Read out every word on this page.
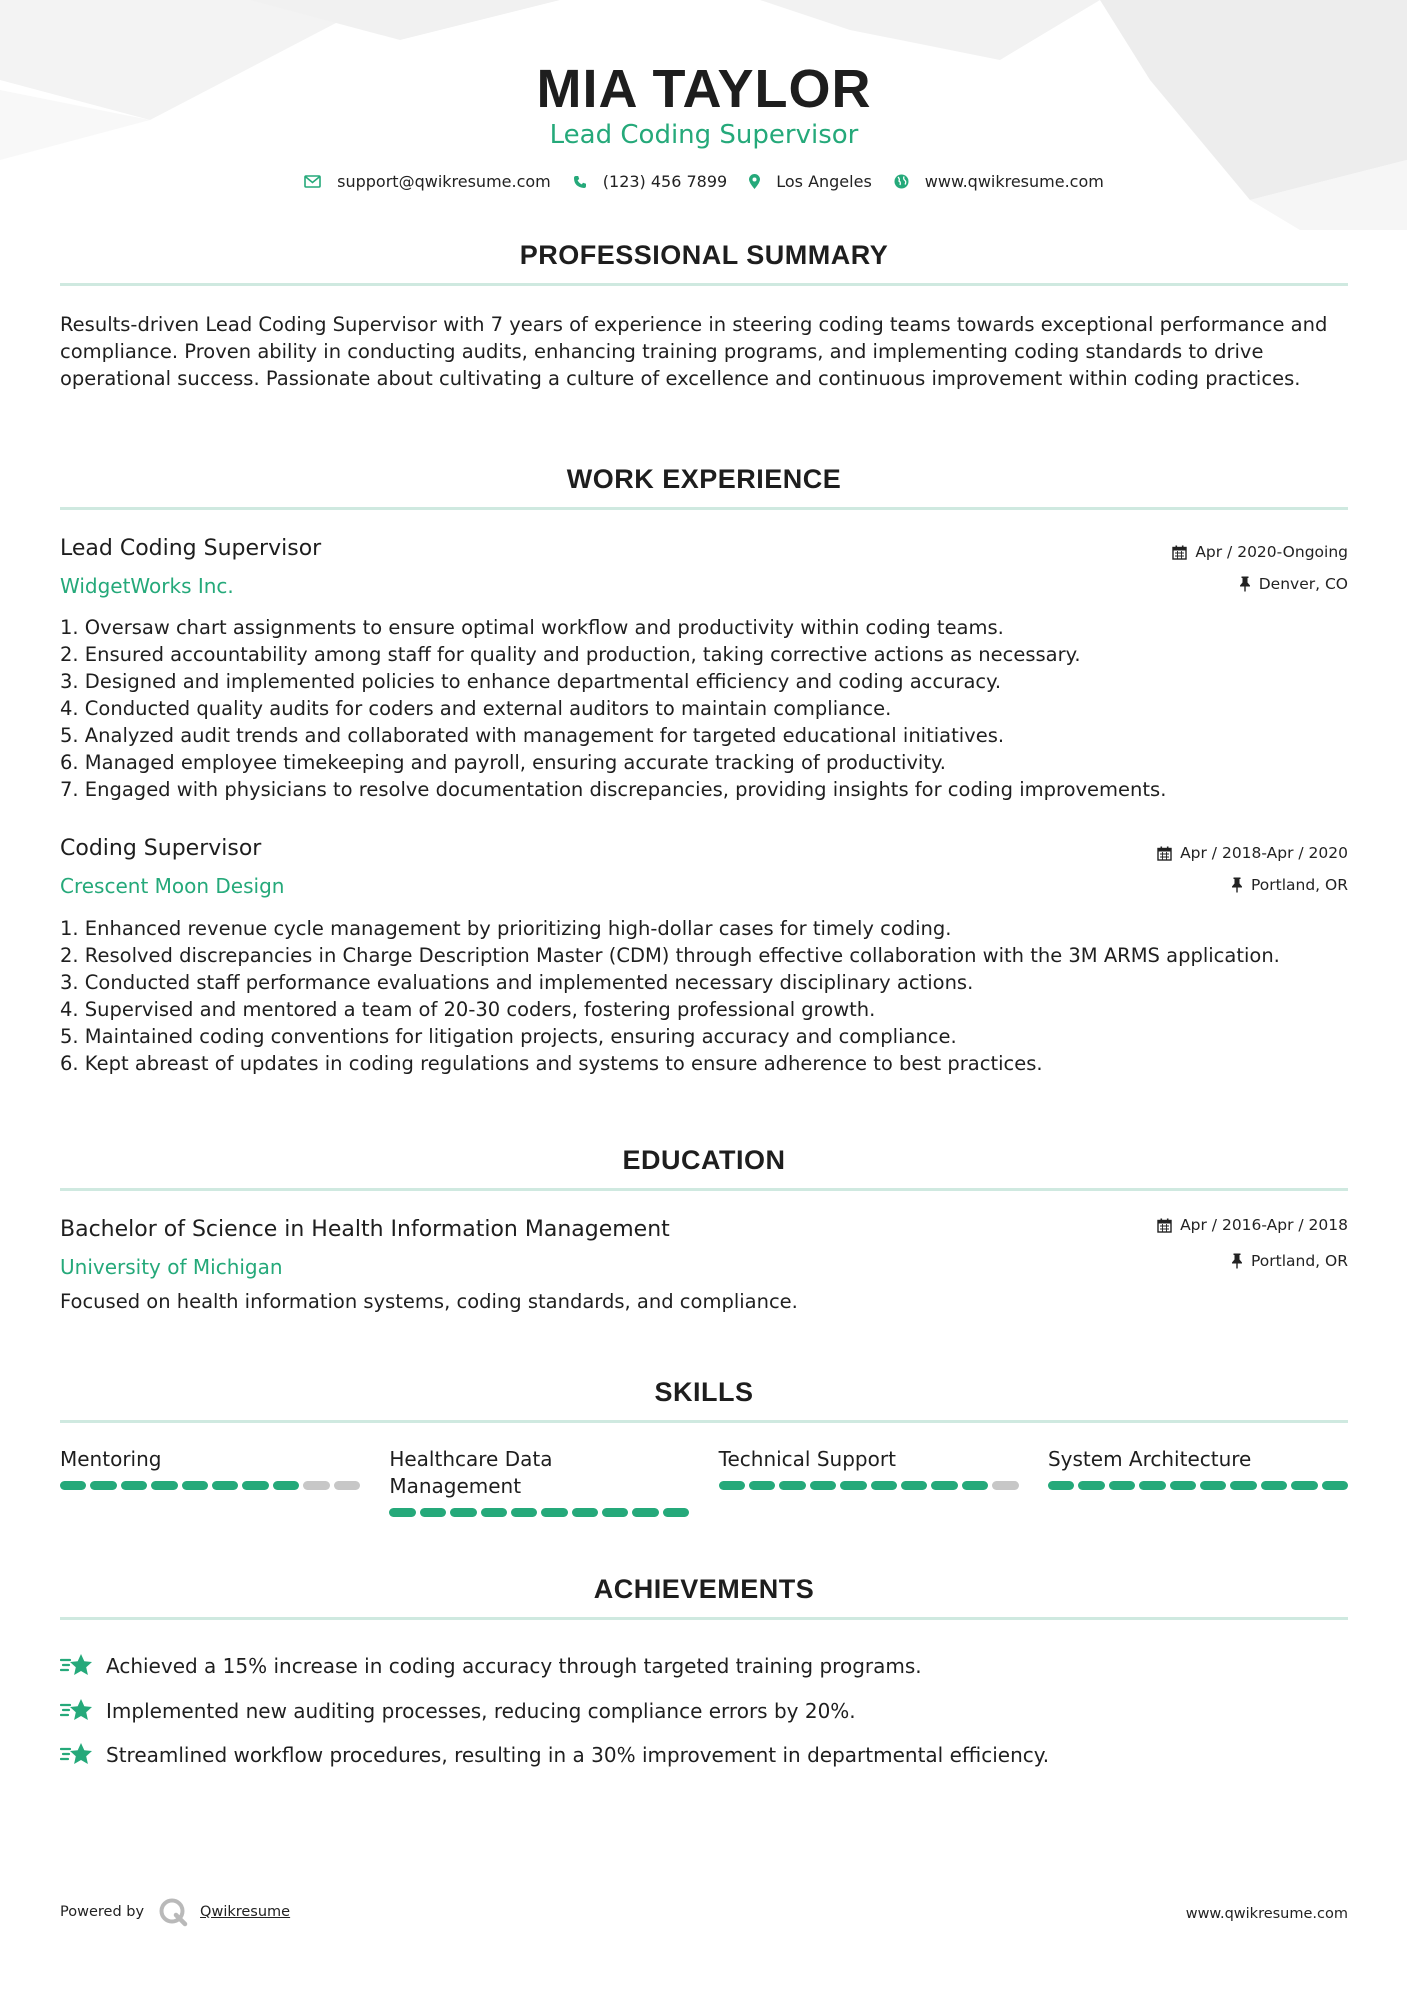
MIA TAYLOR
Lead Coding Supervisor
support@qwikresume.com	(123) 456 7899	Los Angeles	www.qwikresume.com
PROFESSIONAL SUMMARY
Results-driven Lead Coding Supervisor with 7 years of experience in steering coding teams towards exceptional performance and compliance. Proven ability in conducting audits, enhancing training programs, and implementing coding standards to drive operational success. Passionate about cultivating a culture of excellence and continuous improvement within coding practices.
WORK EXPERIENCE
Lead Coding Supervisor
WidgetWorks Inc.
Apr / 2020-Ongoing
Denver, CO
1. Oversaw chart assignments to ensure optimal workflow and productivity within coding teams.
2. Ensured accountability among staff for quality and production, taking corrective actions as necessary.
3. Designed and implemented policies to enhance departmental efficiency and coding accuracy.
4. Conducted quality audits for coders and external auditors to maintain compliance.
5. Analyzed audit trends and collaborated with management for targeted educational initiatives.
6. Managed employee timekeeping and payroll, ensuring accurate tracking of productivity.
7. Engaged with physicians to resolve documentation discrepancies, providing insights for coding improvements.
Coding Supervisor
Crescent Moon Design
Apr / 2018-Apr / 2020
Portland, OR
1. Enhanced revenue cycle management by prioritizing high-dollar cases for timely coding.
2. Resolved discrepancies in Charge Description Master (CDM) through effective collaboration with the 3M ARMS application.
3. Conducted staff performance evaluations and implemented necessary disciplinary actions.
4. Supervised and mentored a team of 20-30 coders, fostering professional growth.
5. Maintained coding conventions for litigation projects, ensuring accuracy and compliance.
6. Kept abreast of updates in coding regulations and systems to ensure adherence to best practices.
EDUCATION
Bachelor of Science in Health Information Management
University of Michigan
Apr / 2016-Apr / 2018
Portland, OR
Focused on health information systems, coding standards, and compliance.
SKILLS
Mentoring	Healthcare Data Management
Technical Support	System Architecture
ACHIEVEMENTS
Achieved a 15% increase in coding accuracy through targeted training programs.
Implemented new auditing processes, reducing compliance errors by 20%.
Streamlined workflow procedures, resulting in a 30% improvement in departmental efficiency.
Powered by	Qwikresume	www.qwikresume.com
